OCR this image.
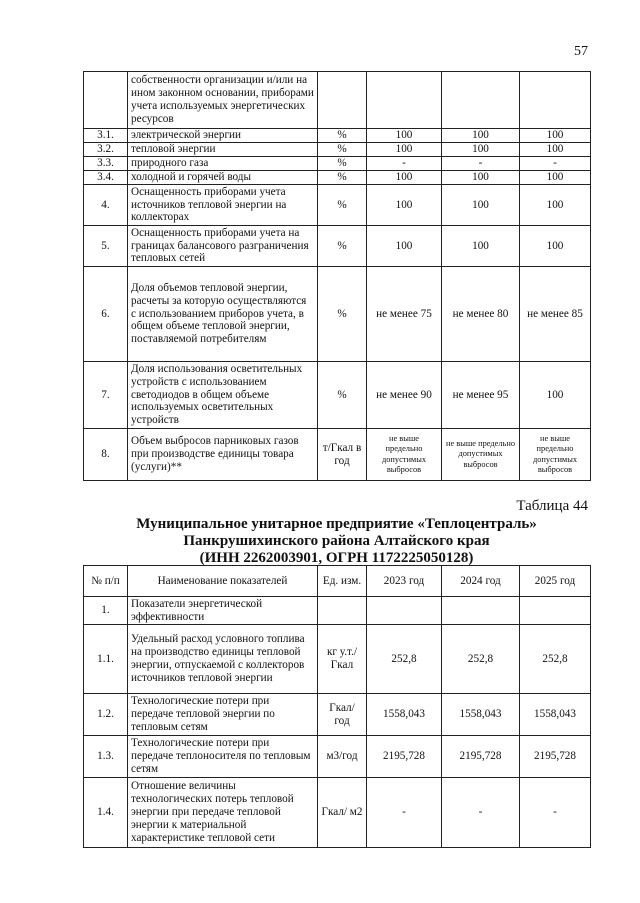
57
	собственности организации и/или на ином законном основании, приборами учета используемых энергетических ресурсов				
3.1.	электрической энергии	%	100	100	100
3.2.	тепловой энергии	%	100	100	100
3.3.	природного газа	%	-	-	-
3.4.	холодной и горячей воды	%	100	100	100
4.	Оснащенность приборами учета источников тепловой энергии на коллекторах	%	100	100	100
5.	Оснащенность приборами учета на границах балансового разграничения тепловых сетей	%	100	100	100
6.	Доля объемов тепловой энергии, расчеты за которую осуществляются с использованием приборов учета, в общем объеме тепловой энергии, поставляемой потребителям	%	не менее 75	не менее 80	не менее 85
7.	Доля использования осветительных устройств с использованием светодиодов в общем объеме используемых осветительных устройств	%	не менее 90	не менее 95	100
8.	Объем выбросов парниковых газов при производстве единицы товара (услуги)**	т/Гкал в год	не выше предельно допустимых выбросов	не выше предельно допустимых выбросов	не выше предельно допустимых выбросов
Таблица 44
Муниципальное унитарное предприятие «Теплоцентраль»
Панкрушихинского района Алтайского края
(ИНН 2262003901, ОГРН 1172225050128)
№ п/п	Наименование показателей	Ед. изм.	2023 год	2024 год	2025 год
1.	Показатели энергетической эффективности				
1.1.	Удельный расход условного топлива на производство единицы тепловой энергии, отпускаемой с коллекторов источников тепловой энергии	кг у.т./ Гкал	252,8	252,8	252,8
1.2.	Технологические потери при передаче тепловой энергии по тепловым сетям	Гкал/ год	1558,043	1558,043	1558,043
1.3.	Технологические потери при передаче теплоносителя по тепловым сетям	м3/год	2195,728	2195,728	2195,728
1.4.	Отношение величины технологических потерь тепловой энергии при передаче тепловой энергии к материальной характеристике тепловой сети	Гкал/ м2	-	-	-
